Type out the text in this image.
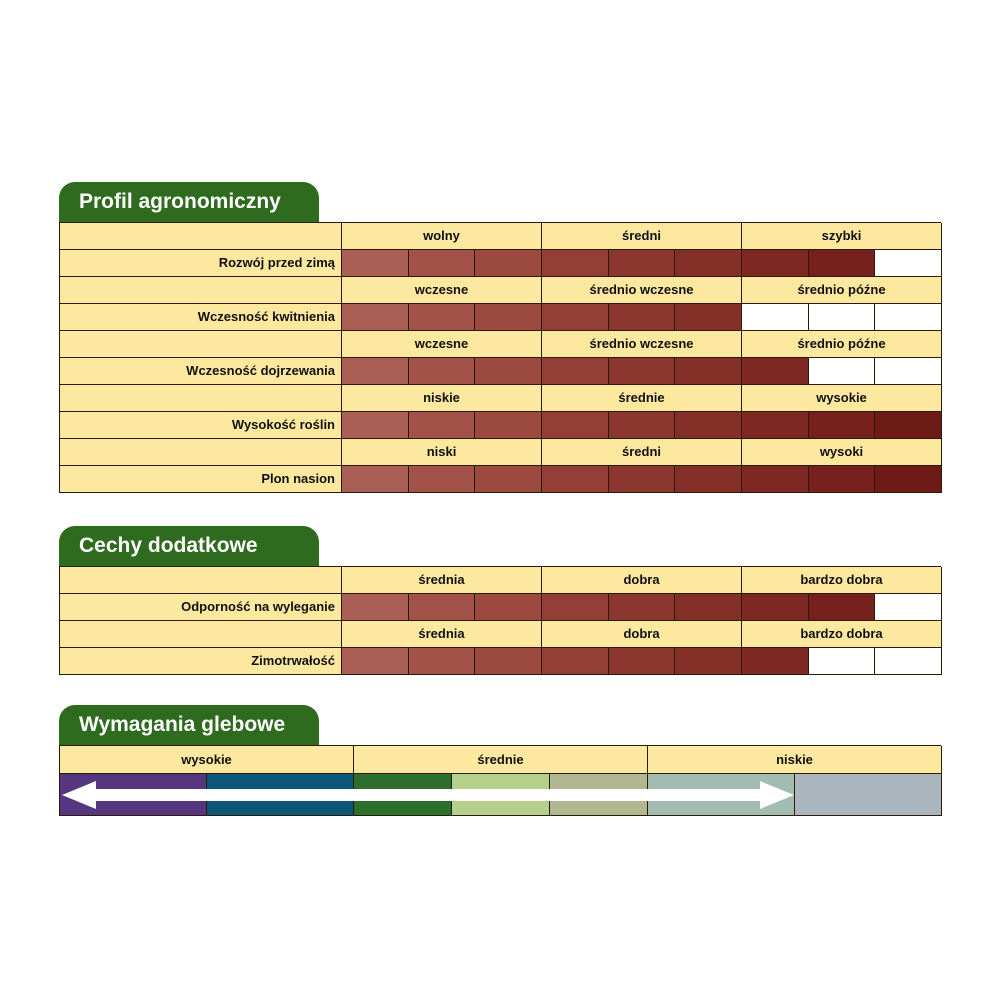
Profil agronomiczny
wolny	średni	szybki
Rozwój przed zimą
wczesne	średnio wczesne	średnio późne
Wczesność kwitnienia
wczesne	średnio wczesne	średnio późne
Wczesność dojrzewania
niskie	średnie	wysokie
Wysokość roślin
niski	średni	wysoki
Plon nasion
Cechy dodatkowe
średnia	dobra	bardzo dobra
Odporność na wyleganie
średnia	dobra	bardzo dobra
Zimotrwałość
Wymagania glebowe
wysokie	średnie	niskie
